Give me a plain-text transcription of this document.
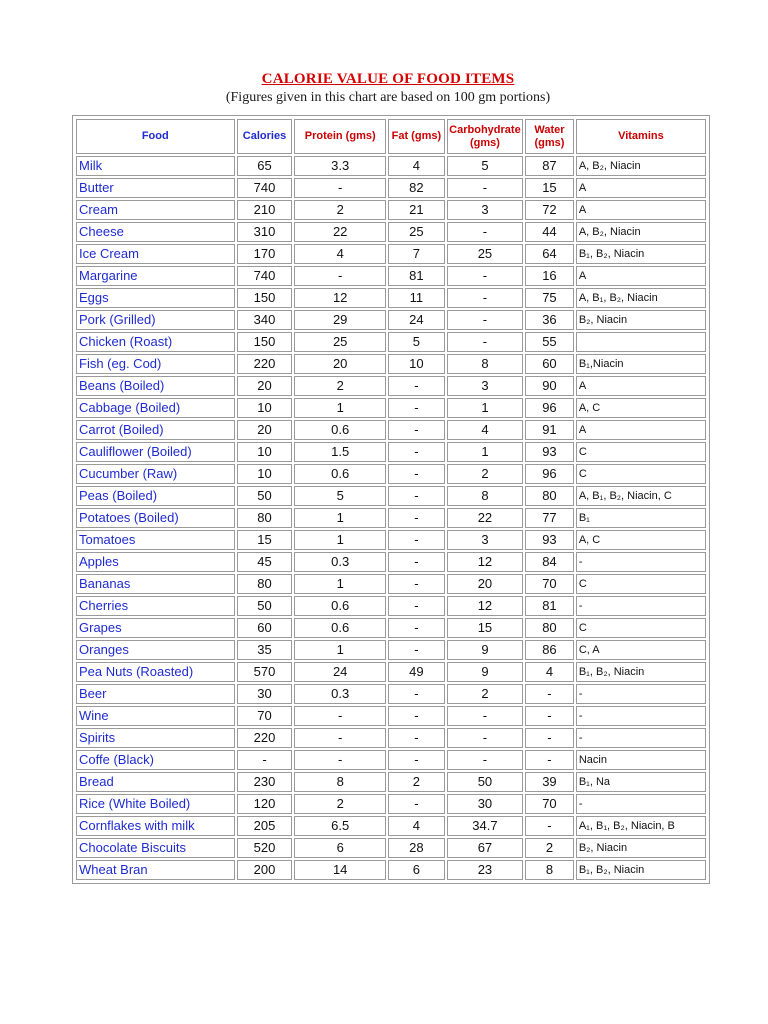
CALORIE VALUE OF FOOD ITEMS
(Figures given in this chart are based on 100 gm portions)
Food	Calories	Protein (gms)	Fat (gms)	Carbohydrate (gms)	Water (gms)	Vitamins
Milk	65	3.3	4	5	87	A, B₂, Niacin
Butter	740	-	82	-	15	A
Cream	210	2	21	3	72	A
Cheese	310	22	25	-	44	A, B₂, Niacin
Ice Cream	170	4	7	25	64	B₁, B₂, Niacin
Margarine	740	-	81	-	16	A
Eggs	150	12	11	-	75	A, B₁, B₂, Niacin
Pork (Grilled)	340	29	24	-	36	B₂, Niacin
Chicken (Roast)	150	25	5	-	55	
Fish (eg. Cod)	220	20	10	8	60	B₁,Niacin
Beans (Boiled)	20	2	-	3	90	A
Cabbage (Boiled)	10	1	-	1	96	A, C
Carrot (Boiled)	20	0.6	-	4	91	A
Cauliflower (Boiled)	10	1.5	-	1	93	C
Cucumber (Raw)	10	0.6	-	2	96	C
Peas (Boiled)	50	5	-	8	80	A, B₁, B₂, Niacin, C
Potatoes (Boiled)	80	1	-	22	77	B₁
Tomatoes	15	1	-	3	93	A, C
Apples	45	0.3	-	12	84	-
Bananas	80	1	-	20	70	C
Cherries	50	0.6	-	12	81	-
Grapes	60	0.6	-	15	80	C
Oranges	35	1	-	9	86	C, A
Pea Nuts (Roasted)	570	24	49	9	4	B₁, B₂, Niacin
Beer	30	0.3	-	2	-	-
Wine	70	-	-	-	-	-
Spirits	220	-	-	-	-	-
Coffe (Black)	-	-	-	-	-	Nacin
Bread	230	8	2	50	39	B₁, Na
Rice (White Boiled)	120	2	-	30	70	-
Cornflakes with milk	205	6.5	4	34.7	-	A₁, B₁, B₂, Niacin, B
Chocolate Biscuits	520	6	28	67	2	B₂, Niacin
Wheat Bran	200	14	6	23	8	B₁, B₂, Niacin
